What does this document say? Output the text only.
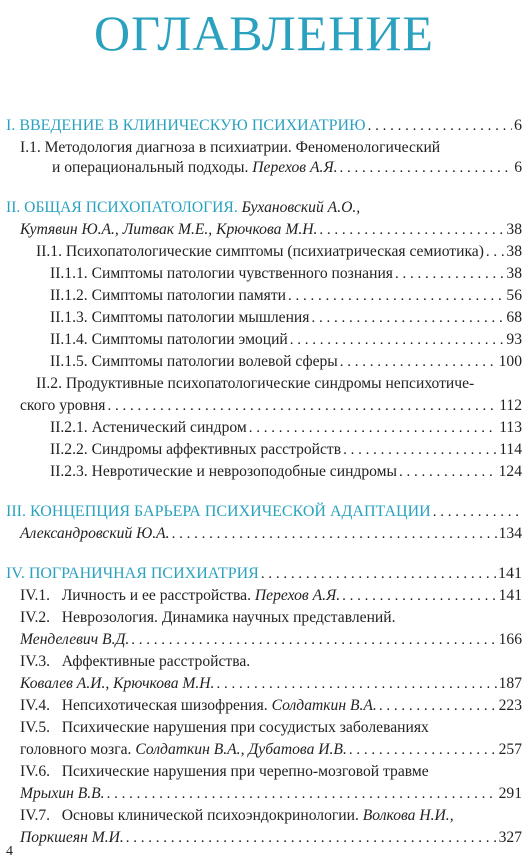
ОГЛАВЛЕНИЕ
I. ВВЕДЕНИЕ В КЛИНИЧЕСКУЮ ПСИХИАТРИЮ . . .	6
I.1. Методология диагноза в психиатрии. Феноменологический
и операциональный подходы. Перехов А.Я. . . .	6
II. ОБЩАЯ ПСИХОПАТОЛОГИЯ. Бухановский А.О.,
Кутявин Ю.А., Литвак М.Е., Крючкова М.Н. . . .	38
II.1. Психопатологические симптомы (психиатрическая семиотика) . . . 38
II.1.1. Симптомы патологии чувственного познания . . .	38
II.1.2. Симптомы патологии памяти . . .	56
II.1.3. Симптомы патологии мышления . . .	68
II.1.4. Симптомы патологии эмоций . . .	93
II.1.5. Симптомы патологии волевой сферы . . .	100
II.2. Продуктивные психопатологические синдромы непсихотиче-
ского уровня . . .	112
II.2.1. Астенический синдром . . .	113
II.2.2. Синдромы аффективных расстройств . . .	114
II.2.3. Невротические и неврозоподобные синдромы . . .	124
III. КОНЦЕПЦИЯ БАРЬЕРА ПСИХИЧЕСКОЙ АДАПТАЦИИ
. . .
Александровский Ю.А. . . .	134
IV. ПОГРАНИЧНАЯ ПСИХИАТРИЯ . . .	141
IV.1.   Личность и ее расстройства. Перехов А.Я. . . .	141
IV.2.   Неврозология. Динамика научных представлений.
Менделевич В.Д. . . .	166
IV.3.   Аффективные расстройства.
Ковалев А.И., Крючкова М.Н. . . .	187
IV.4.   Непсихотическая шизофрения. Солдаткин В.А. . . .	223
IV.5.   Психические нарушения при сосудистых заболеваниях
головного мозга. Солдаткин В.А., Дубатова И.В. . . .	257
IV.6.   Психические нарушения при черепно-мозговой травме
Мрыхин В.В. . . .	291
IV.7.   Основы клинической психоэндокринологии. Волкова Н.И.,
Поркшеян М.И. . . .	327
4
